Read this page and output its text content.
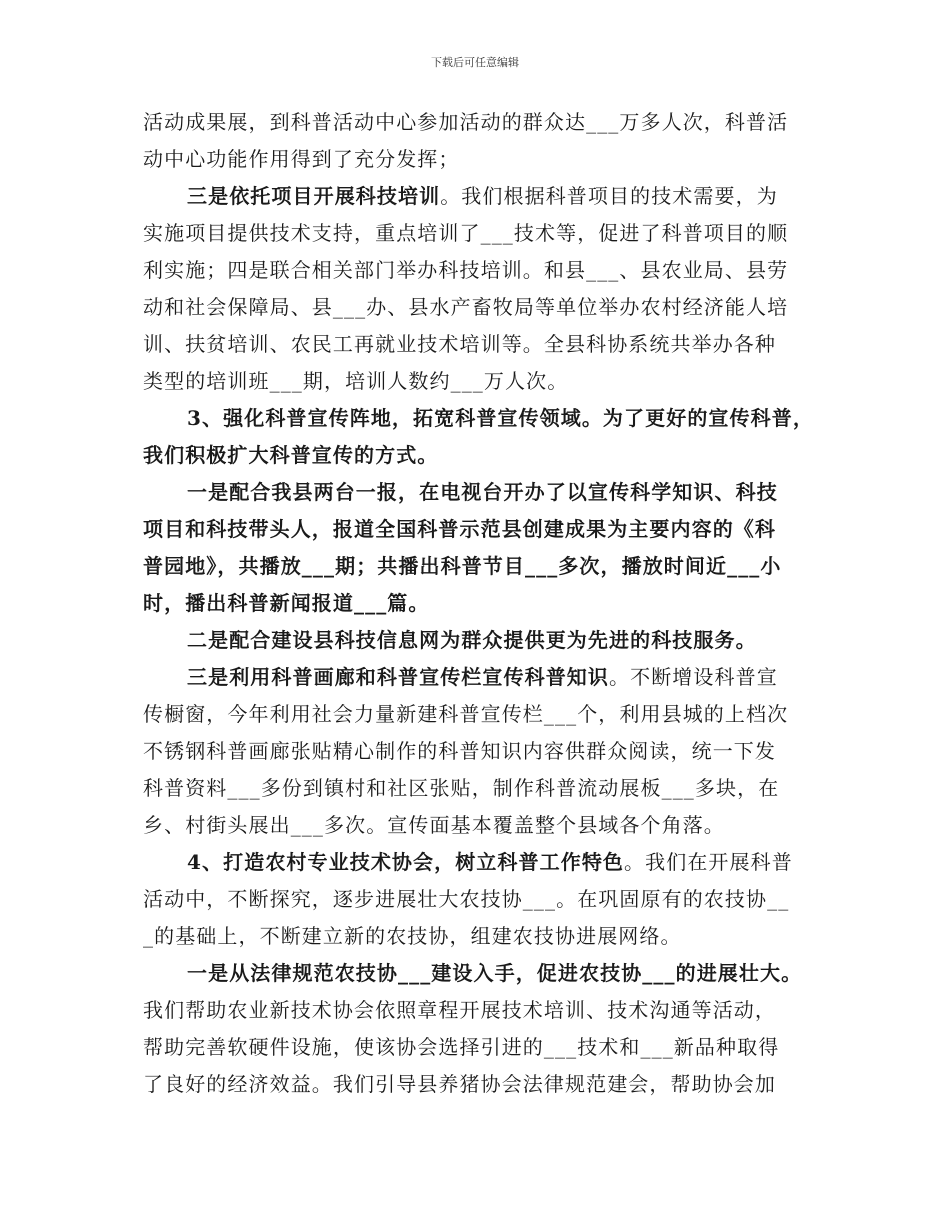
下载后可任意编辑
活动成果展，到科普活动中心参加活动的群众达___万多人次，科普活
动中心功能作用得到了充分发挥；
三是依托项目开展科技培训。我们根据科普项目的技术需要，为
实施项目提供技术支持，重点培训了___技术等，促进了科普项目的顺
利实施；四是联合相关部门举办科技培训。和县___、县农业局、县劳
动和社会保障局、县___办、县水产畜牧局等单位举办农村经济能人培
训、扶贫培训、农民工再就业技术培训等。全县科协系统共举办各种
类型的培训班___期，培训人数约___万人次。
3、强化科普宣传阵地，拓宽科普宣传领域。为了更好的宣传科普，
我们积极扩大科普宣传的方式。
一是配合我县两台一报，在电视台开办了以宣传科学知识、科技
项目和科技带头人，报道全国科普示范县创建成果为主要内容的《科
普园地》，共播放___期；共播出科普节目___多次，播放时间近___小
时，播出科普新闻报道___篇。
二是配合建设县科技信息网为群众提供更为先进的科技服务。
三是利用科普画廊和科普宣传栏宣传科普知识。不断增设科普宣
传橱窗，今年利用社会力量新建科普宣传栏___个，利用县城的上档次
不锈钢科普画廊张贴精心制作的科普知识内容供群众阅读，统一下发
科普资料___多份到镇村和社区张贴，制作科普流动展板___多块，在
乡、村街头展出___多次。宣传面基本覆盖整个县域各个角落。
4、打造农村专业技术协会，树立科普工作特色。我们在开展科普
活动中，不断探究，逐步进展壮大农技协___。在巩固原有的农技协__
_的基础上，不断建立新的农技协，组建农技协进展网络。
一是从法律规范农技协___建设入手，促进农技协___的进展壮大。
我们帮助农业新技术协会依照章程开展技术培训、技术沟通等活动，
帮助完善软硬件设施，使该协会选择引进的___技术和___新品种取得
了良好的经济效益。我们引导县养猪协会法律规范建会，帮助协会加
